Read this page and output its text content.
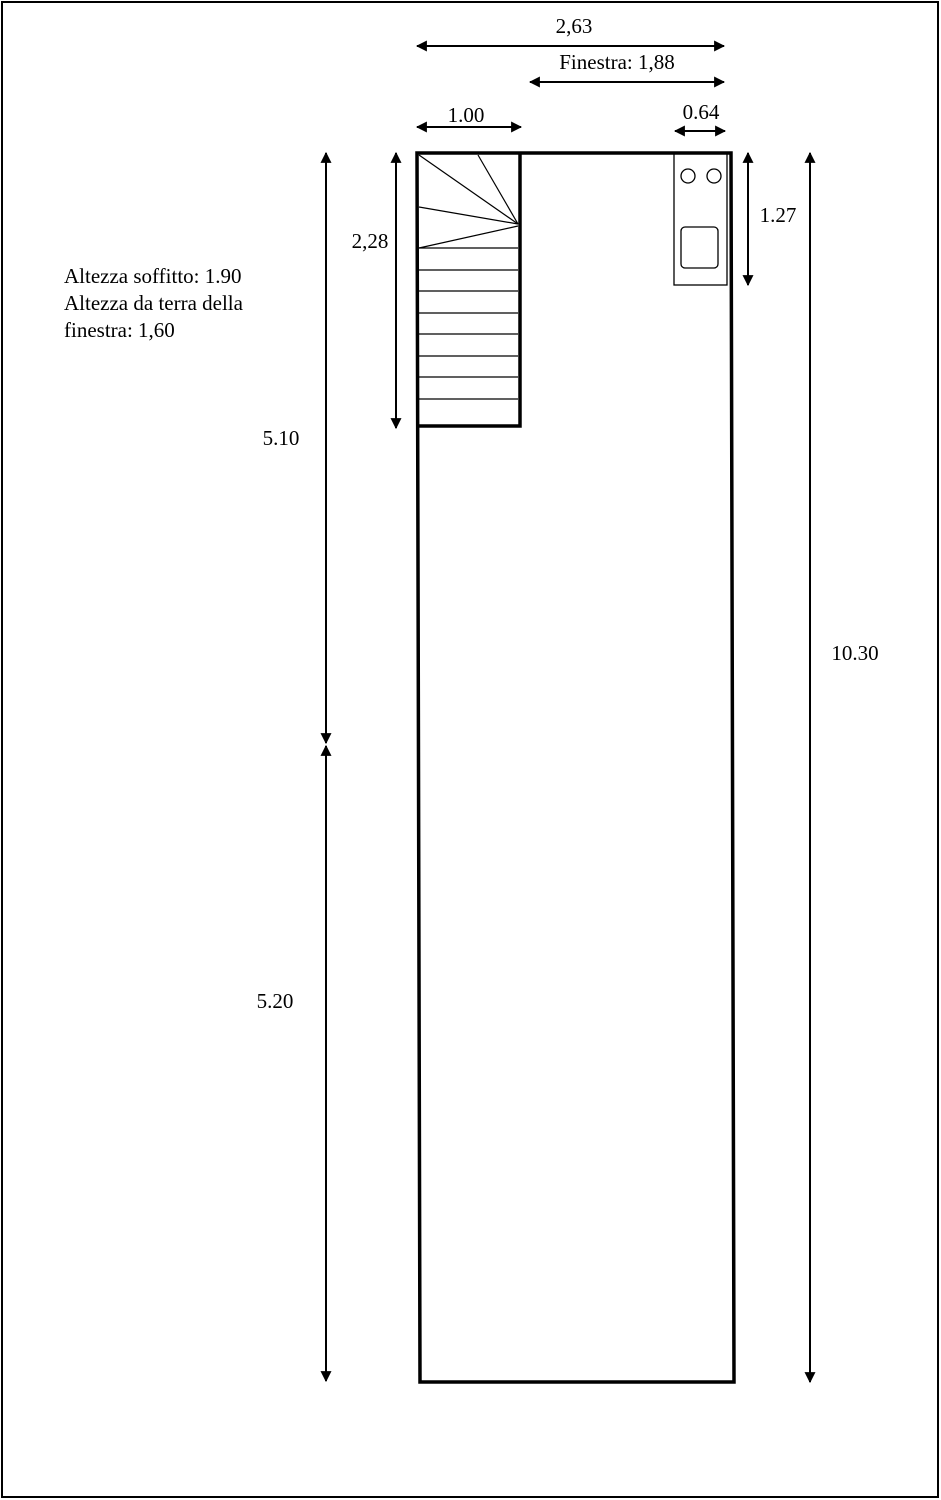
2,63
Finestra: 1,88
1.00	0.64
1.27
2,28
5.10
5.20
10.30
Altezza soffitto: 1.90
Altezza da terra della
finestra: 1,60
